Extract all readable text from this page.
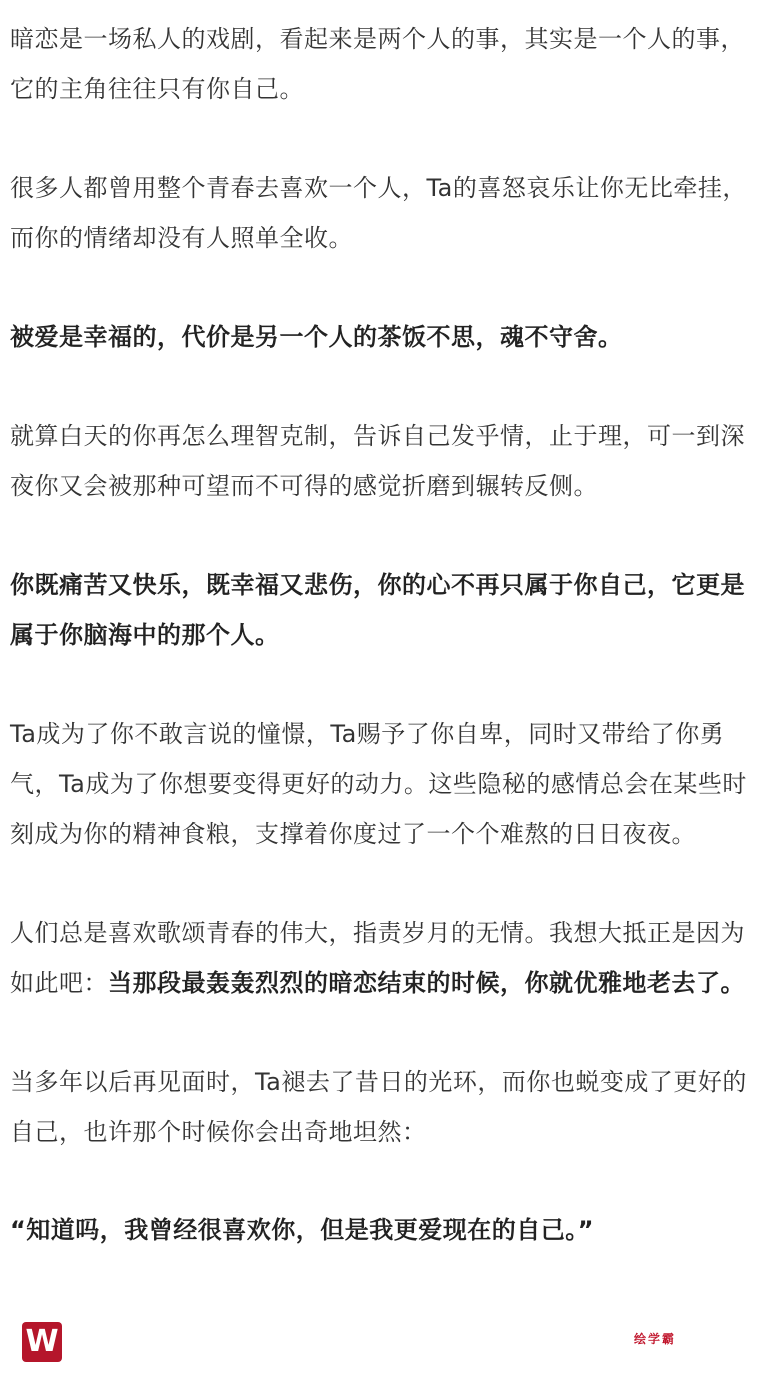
暗恋是一场私人的戏剧，看起来是两个人的事，其实是一个人的事，它的主角往往只有你自己。

很多人都曾用整个青春去喜欢一个人，Ta的喜怒哀乐让你无比牵挂，而你的情绪却没有人照单全收。

被爱是幸福的，代价是另一个人的茶饭不思，魂不守舍。

就算白天的你再怎么理智克制，告诉自己发乎情，止于理，可一到深夜你又会被那种可望而不可得的感觉折磨到辗转反侧。

你既痛苦又快乐，既幸福又悲伤，你的心不再只属于你自己，它更是属于你脑海中的那个人。

Ta成为了你不敢言说的憧憬，Ta赐予了你自卑，同时又带给了你勇气，Ta成为了你想要变得更好的动力。这些隐秘的感情总会在某些时刻成为你的精神食粮，支撑着你度过了一个个难熬的日日夜夜。

人们总是喜欢歌颂青春的伟大，指责岁月的无情。我想大抵正是因为如此吧：当那段最轰轰烈烈的暗恋结束的时候，你就优雅地老去了。

当多年以后再见面时，Ta褪去了昔日的光环，而你也蜕变成了更好的自己，也许那个时候你会出奇地坦然：

“知道吗，我曾经很喜欢你，但是我更爱现在的自己。”

W	绘学霸
